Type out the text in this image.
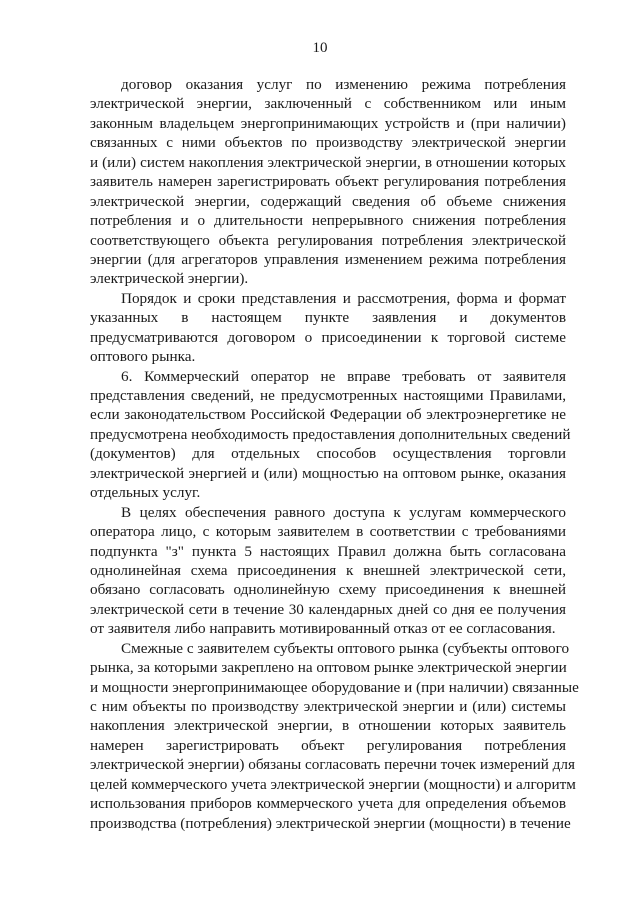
10
договор оказания услуг по изменению режима потребления
электрической энергии, заключенный с собственником или иным
законным владельцем энергопринимающих устройств и (при наличии)
связанных с ними объектов по производству электрической энергии
и (или) систем накопления электрической энергии, в отношении которых
заявитель намерен зарегистрировать объект регулирования потребления
электрической энергии, содержащий сведения об объеме снижения
потребления и о длительности непрерывного снижения потребления
соответствующего объекта регулирования потребления электрической
энергии (для агрегаторов управления изменением режима потребления
электрической энергии).
Порядок и сроки представления и рассмотрения, форма и формат
указанных в настоящем пункте заявления и документов
предусматриваются договором о присоединении к торговой системе
оптового рынка.
6. Коммерческий оператор не вправе требовать от заявителя
представления сведений, не предусмотренных настоящими Правилами,
если законодательством Российской Федерации об электроэнергетике не
предусмотрена необходимость предоставления дополнительных сведений
(документов) для отдельных способов осуществления торговли
электрической энергией и (или) мощностью на оптовом рынке, оказания
отдельных услуг.
В целях обеспечения равного доступа к услугам коммерческого
оператора лицо, с которым заявителем в соответствии с требованиями
подпункта "з" пункта 5 настоящих Правил должна быть согласована
однолинейная схема присоединения к внешней электрической сети,
обязано согласовать однолинейную схему присоединения к внешней
электрической сети в течение 30 календарных дней со дня ее получения
от заявителя либо направить мотивированный отказ от ее согласования.
Смежные с заявителем субъекты оптового рынка (субъекты оптового
рынка, за которыми закреплено на оптовом рынке электрической энергии
и мощности энергопринимающее оборудование и (при наличии) связанные
с ним объекты по производству электрической энергии и (или) системы
накопления электрической энергии, в отношении которых заявитель
намерен зарегистрировать объект регулирования потребления
электрической энергии) обязаны согласовать перечни точек измерений для
целей коммерческого учета электрической энергии (мощности) и алгоритм
использования приборов коммерческого учета для определения объемов
производства (потребления) электрической энергии (мощности) в течение
